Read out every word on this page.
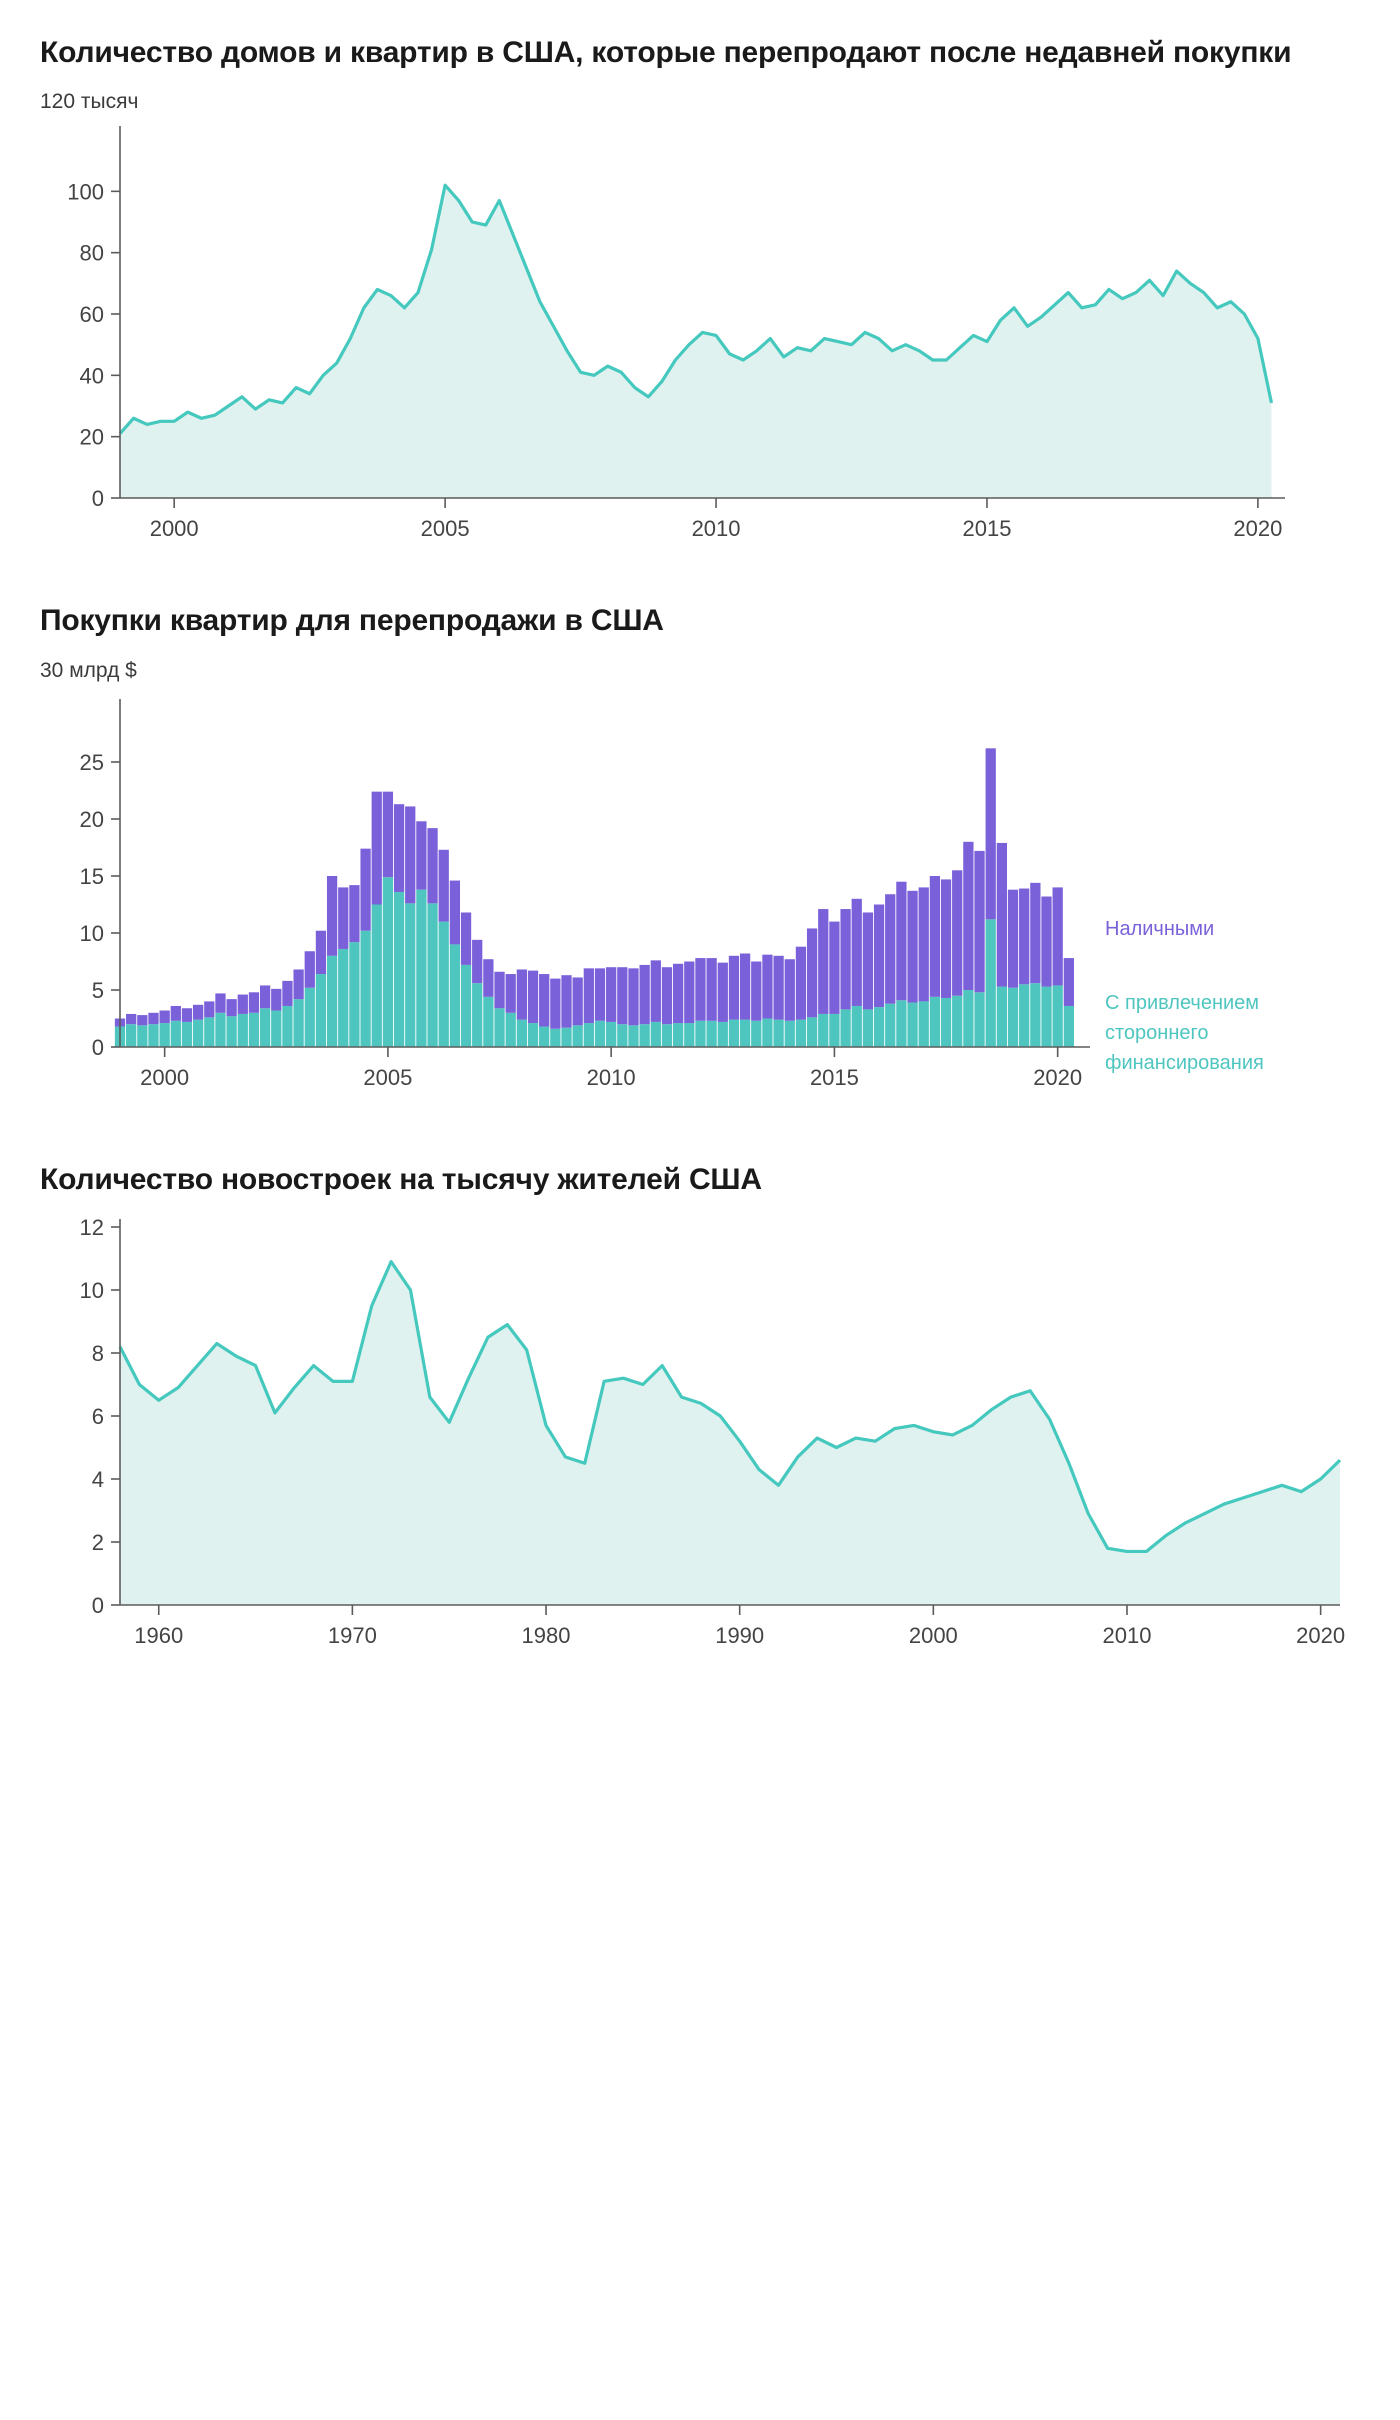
Количество домов и квартир в США, которые перепродают после недавней покупки
120 тысяч
0
20
40
60
80
100
2000	2005	2010	2015	2020
Покупки квартир для перепродажи в США
30 млрд $
0
5
10
15
20
25
2000	2005	2010	2015	2020
Наличными
С привлечением
стороннего
финансирования
Количество новостроек на тысячу жителей США
0
2
4
6
8
10
12
1960	1970	1980	1990	2000	2010	2020
